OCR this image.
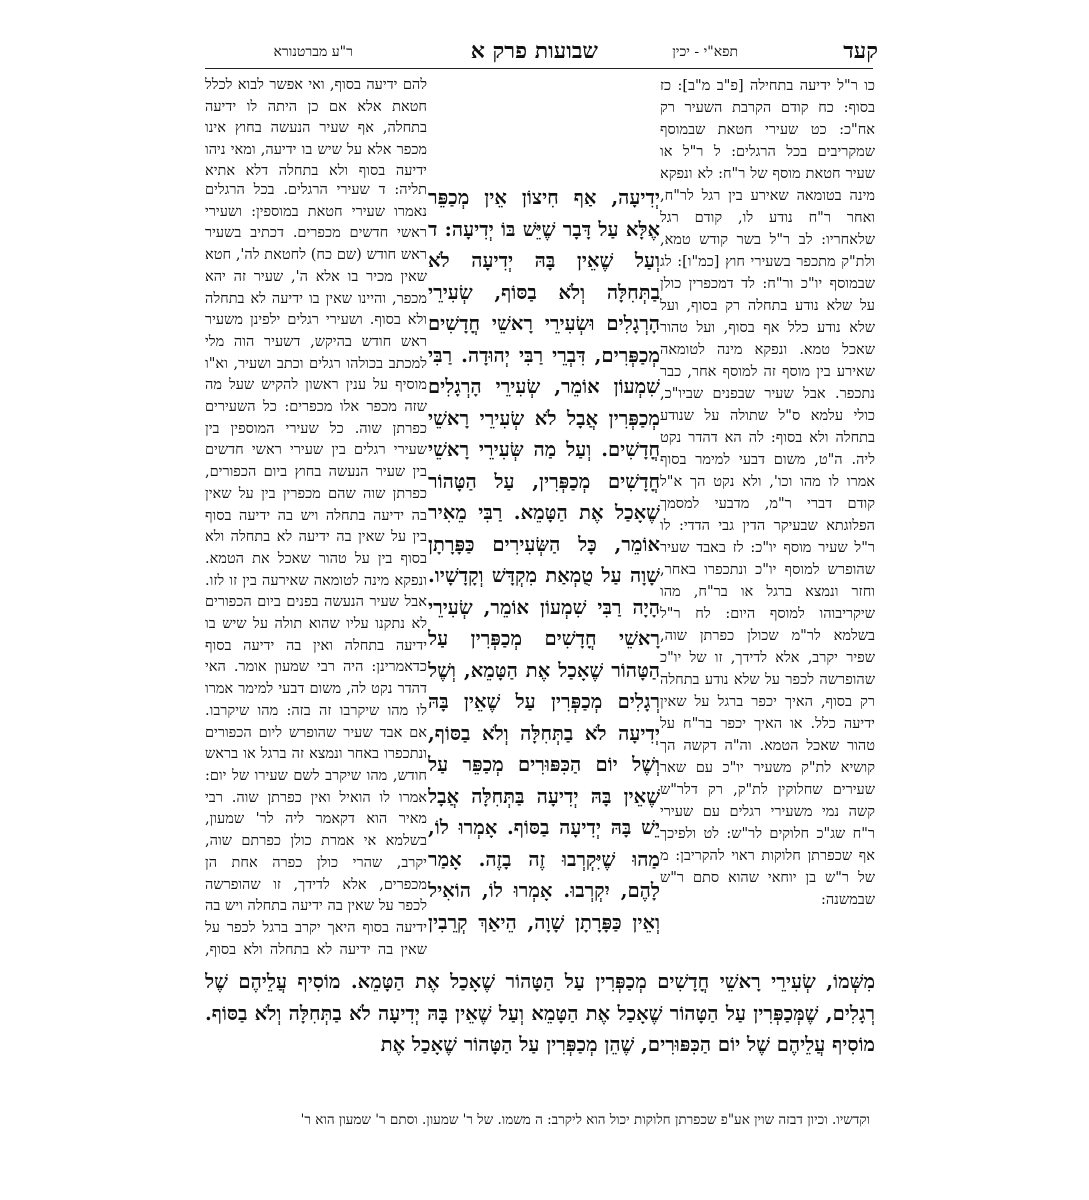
קעד
תפא"י - יכין
שבועות פרק א
ר"ע מברטנורא
כו ר"ל ידיעה בתחילה [פ"ב מ"ב]: כז בסוף: כח קודם הקרבת השעיר רק אח"כ: כט שעירי חטאת שבמוסף שמקריבים בכל הרגלים: ל ר"ל או שעיר חטאת מוסף של ר"ח: לא ונפקא מינה בטומאה שאירע בין רגל לר"ח, ואחר ר"ח נודע לו, קודם רגל שלאחריו: לב ר"ל בשר קודש טמא, ולת"ק מתכפר בשעירי חוץ [כמ"ו]: לג שבמוסף יו"כ ור"ח: לד דמכפרין כולן על שלא נודע בתחלה רק בסוף, ועל שלא נודע כלל אף בסוף, ועל טהור שאכל טמא. ונפקא מינה לטומאה שאירע בין מוסף זה למוסף אחר, כבר נתכפר. אבל שעיר שבפנים שביו"כ, כולי עלמא ס"ל שתולה על שנודע בתחלה ולא בסוף: לה הא דהדר נקט ליה. ה"ט, משום דבעי למימר בסוף אמרו לו מהו וכו', ולא נקט הך א"ל קודם דברי ר"מ, מדבעי למסמך הפלוגתא שבעיקר הדין גבי הדדי: לו ר"ל שעיר מוסף יו"כ: לז באבד שעיר שהופרש למוסף יו"כ ונתכפרו באחר, וחזר ונמצא ברגל או בר"ח, מהו שיקריבוהו למוסף היום: לח ר"ל בשלמא לר"מ שכולן כפרתן שוה, שפיר יקרב, אלא לדידך, זו של יו"כ שהופרשה לכפר על שלא נודע בתחלה רק בסוף, האיך יכפר ברגל על שאין ידיעה כלל. או האיך יכפר בר"ח על טהור שאכל הטמא. וה"ה דקשה הך קושיא לת"ק משעיר יו"כ עם שאר שעירים שחלוקין לת"ק, רק דלר"ש קשה נמי משעירי רגלים עם שעירי ר"ח שג"כ חלוקים לר"ש: לט ולפיכך אף שכפרתן חלוקות ראוי להקריבן: מ של ר"ש בן יוחאי שהוא סתם ר"ש שבמשנה:
להם ידיעה בסוף, ואי אפשר לבוא לכלל חטאת אלא אם כן היתה לו ידיעה בתחלה, אף שעיר הנעשה בחוץ אינו מכפר אלא על שיש בו ידיעה, ומאי ניהו ידיעה בסוף ולא בתחלה דלא אתיא
יְדִיעָה, אַף חִיצוֹן אֵין מְכַפֵּר אֶלָּא עַל דָּבָר שֶׁיֵּשׁ בּוֹ יְדִיעָה: ד וְעַל שֶׁאֵין בָּהּ יְדִיעָה לֹא בַתְּחִלָּה וְלֹא בַסּוֹף, שְׂעִירֵי הָרְגָלִים וּשְׂעִירֵי רָאשֵׁי חֳדָשִׁים מְכַפְּרִים, דִּבְרֵי רַבִּי יְהוּדָה. רַבִּי שִׁמְעוֹן אוֹמֵר, שְׂעִירֵי הָרְגָלִים מְכַפְּרִין אֲבָל לֹא שְׂעִירֵי רָאשֵׁי חֳדָשִׁים. וְעַל מַה שְּׂעִירֵי רָאשֵׁי חֳדָשִׁים מְכַפְּרִין, עַל הַטָּהוֹר שֶׁאָכַל אֶת הַטָּמֵא. רַבִּי מֵאִיר אוֹמֵר, כָּל הַשְּׂעִירִים כַּפָּרָתָן שָׁוָה עַל טֻמְאַת מִקְדָּשׁ וְקָדָשָׁיו. הָיָה רַבִּי שִׁמְעוֹן אוֹמֵר, שְׂעִירֵי רָאשֵׁי חֳדָשִׁים מְכַפְּרִין עַל הַטָּהוֹר שֶׁאָכַל אֶת הַטָּמֵא, וְשֶׁל רְגָלִים מְכַפְּרִין עַל שֶׁאֵין בָּהּ יְדִיעָה לֹא בַתְּחִלָּה וְלֹא בַסּוֹף, וְשֶׁל יוֹם הַכִּפּוּרִים מְכַפֵּר עַל שֶׁאֵין בָּהּ יְדִיעָה בַּתְּחִלָּה אֲבָל יֵשׁ בָּהּ יְדִיעָה בַסּוֹף. אָמְרוּ לוֹ, מַהוּ שֶׁיִּקְרְבוּ זֶה בָזֶה. אָמַר לָהֶם, יִקְרְבוּ. אָמְרוּ לוֹ, הוֹאִיל וְאֵין כַּפָּרָתָן שָׁוָה, הֵיאַךְ קְרֵבִין
תליה: ד שעירי הרגלים. בכל הרגלים נאמרו שעירי חטאת במוספין: ושעירי ראשי חדשים מכפרים. דכתיב בשעיר ראש חודש (שם כח) לחטאת לה', חטא שאין מכיר בו אלא ה', שעיר זה יהא מכפר, והיינו שאין בו ידיעה לא בתחלה ולא בסוף. ושעירי רגלים ילפינן משעיר ראש חודש בהיקש, דשעיר הוה מלי למכתב בכולהו רגלים וכתב ושעיר, וא"ו מוסיף על ענין ראשון להקיש שעל מה שזה מכפר אלו מכפרים: כל השעירים כפרתן שוה. כל שעירי המוספין בין שעירי רגלים בין שעירי ראשי חדשים בין שעיר הנעשה בחוץ ביום הכפורים, כפרתן שוה שהם מכפרין בין על שאין בה ידיעה בתחלה ויש בה ידיעה בסוף בין על שאין בה ידיעה לא בתחלה ולא בסוף בין על טהור שאכל את הטמא. ונפקא מינה לטומאה שאירעה בין זו לזו. אבל שעיר הנעשה בפנים ביום הכפורים לא נתקנו עליו שהוא תולה על שיש בו ידיעה בתחלה ואין בה ידיעה בסוף כדאמרינן: היה רבי שמעון אומר. האי דהדר נקט לה, משום דבעי למימר אמרו לו מהו שיקרבו זה בזה: מהו שיקרבו. אם אבד שעיר שהופרש ליום הכפורים ונתכפרו באחר ונמצא זה ברגל או בראש חודש, מהו שיקרב לשם שעירו של יום: אמרו לו הואיל ואין כפרתן שוה. רבי מאיר הוא דקאמר ליה לר' שמעון, בשלמא אי אמרת כולן כפרתם שוה, יקרב, שהרי כולן כפרה אחת הן מכפרים, אלא לדידך, זו שהופרשה לכפר על שאין בה ידיעה בתחלה ויש בה ידיעה בסוף היאך יקרב ברגל לכפר על שאין בה ידיעה לא בתחלה ולא בסוף,
מִשְּׁמוֹ, שְׂעִירֵי רָאשֵׁי חֳדָשִׁים מְכַפְּרִין עַל הַטָּהוֹר שֶׁאָכַל אֶת הַטָּמֵא. מוֹסִיף עֲלֵיהֶם שֶׁל רְגָלִים, שֶׁמְּכַפְּרִין עַל הַטָּהוֹר שֶׁאָכַל אֶת הַטָּמֵא וְעַל שֶׁאֵין בָּהּ יְדִיעָה לֹא בַתְּחִלָּה וְלֹא בַסּוֹף. מוֹסִיף עֲלֵיהֶם שֶׁל יוֹם הַכִּפּוּרִים, שֶׁהֵן מְכַפְּרִין עַל הַטָּהוֹר שֶׁאָכַל אֶת
וקדשיו. וכיון דבזה שוין אע"פ שכפרתן חלוקות יכול הוא ליקרב: ה משמו. של ר' שמעון. וסתם ר' שמעון הוא ר'
